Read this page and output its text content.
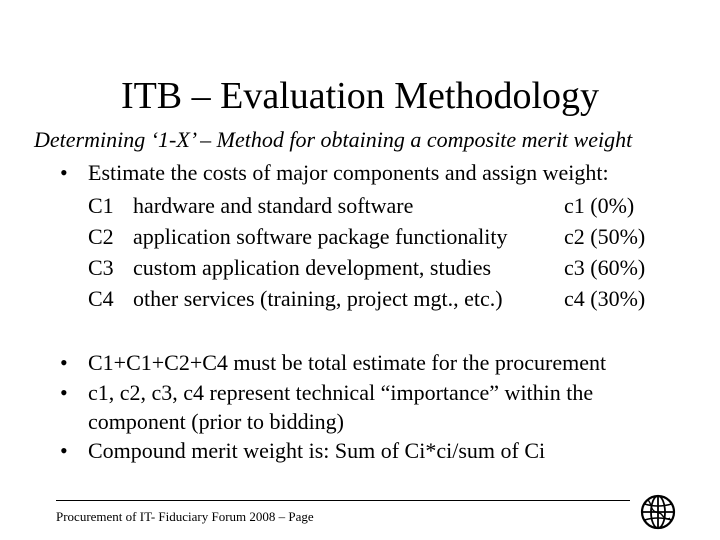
ITB – Evaluation Methodology
Determining ‘1-X’ – Method for obtaining a composite merit weight
• Estimate the costs of major components and assign weight:
C1 hardware and standard software	c1 (0%)
C2 application software package functionality	c2 (50%)
C3 custom application development, studies	c3 (60%)
C4 other services (training, project mgt., etc.)	c4 (30%)
• C1+C1+C2+C4 must be total estimate for the procurement
• c1, c2, c3, c4 represent technical “importance” within the
component (prior to bidding)
• Compound merit weight is: Sum of Ci*ci/sum of Ci
Procurement of IT- Fiduciary Forum 2008 – Page
